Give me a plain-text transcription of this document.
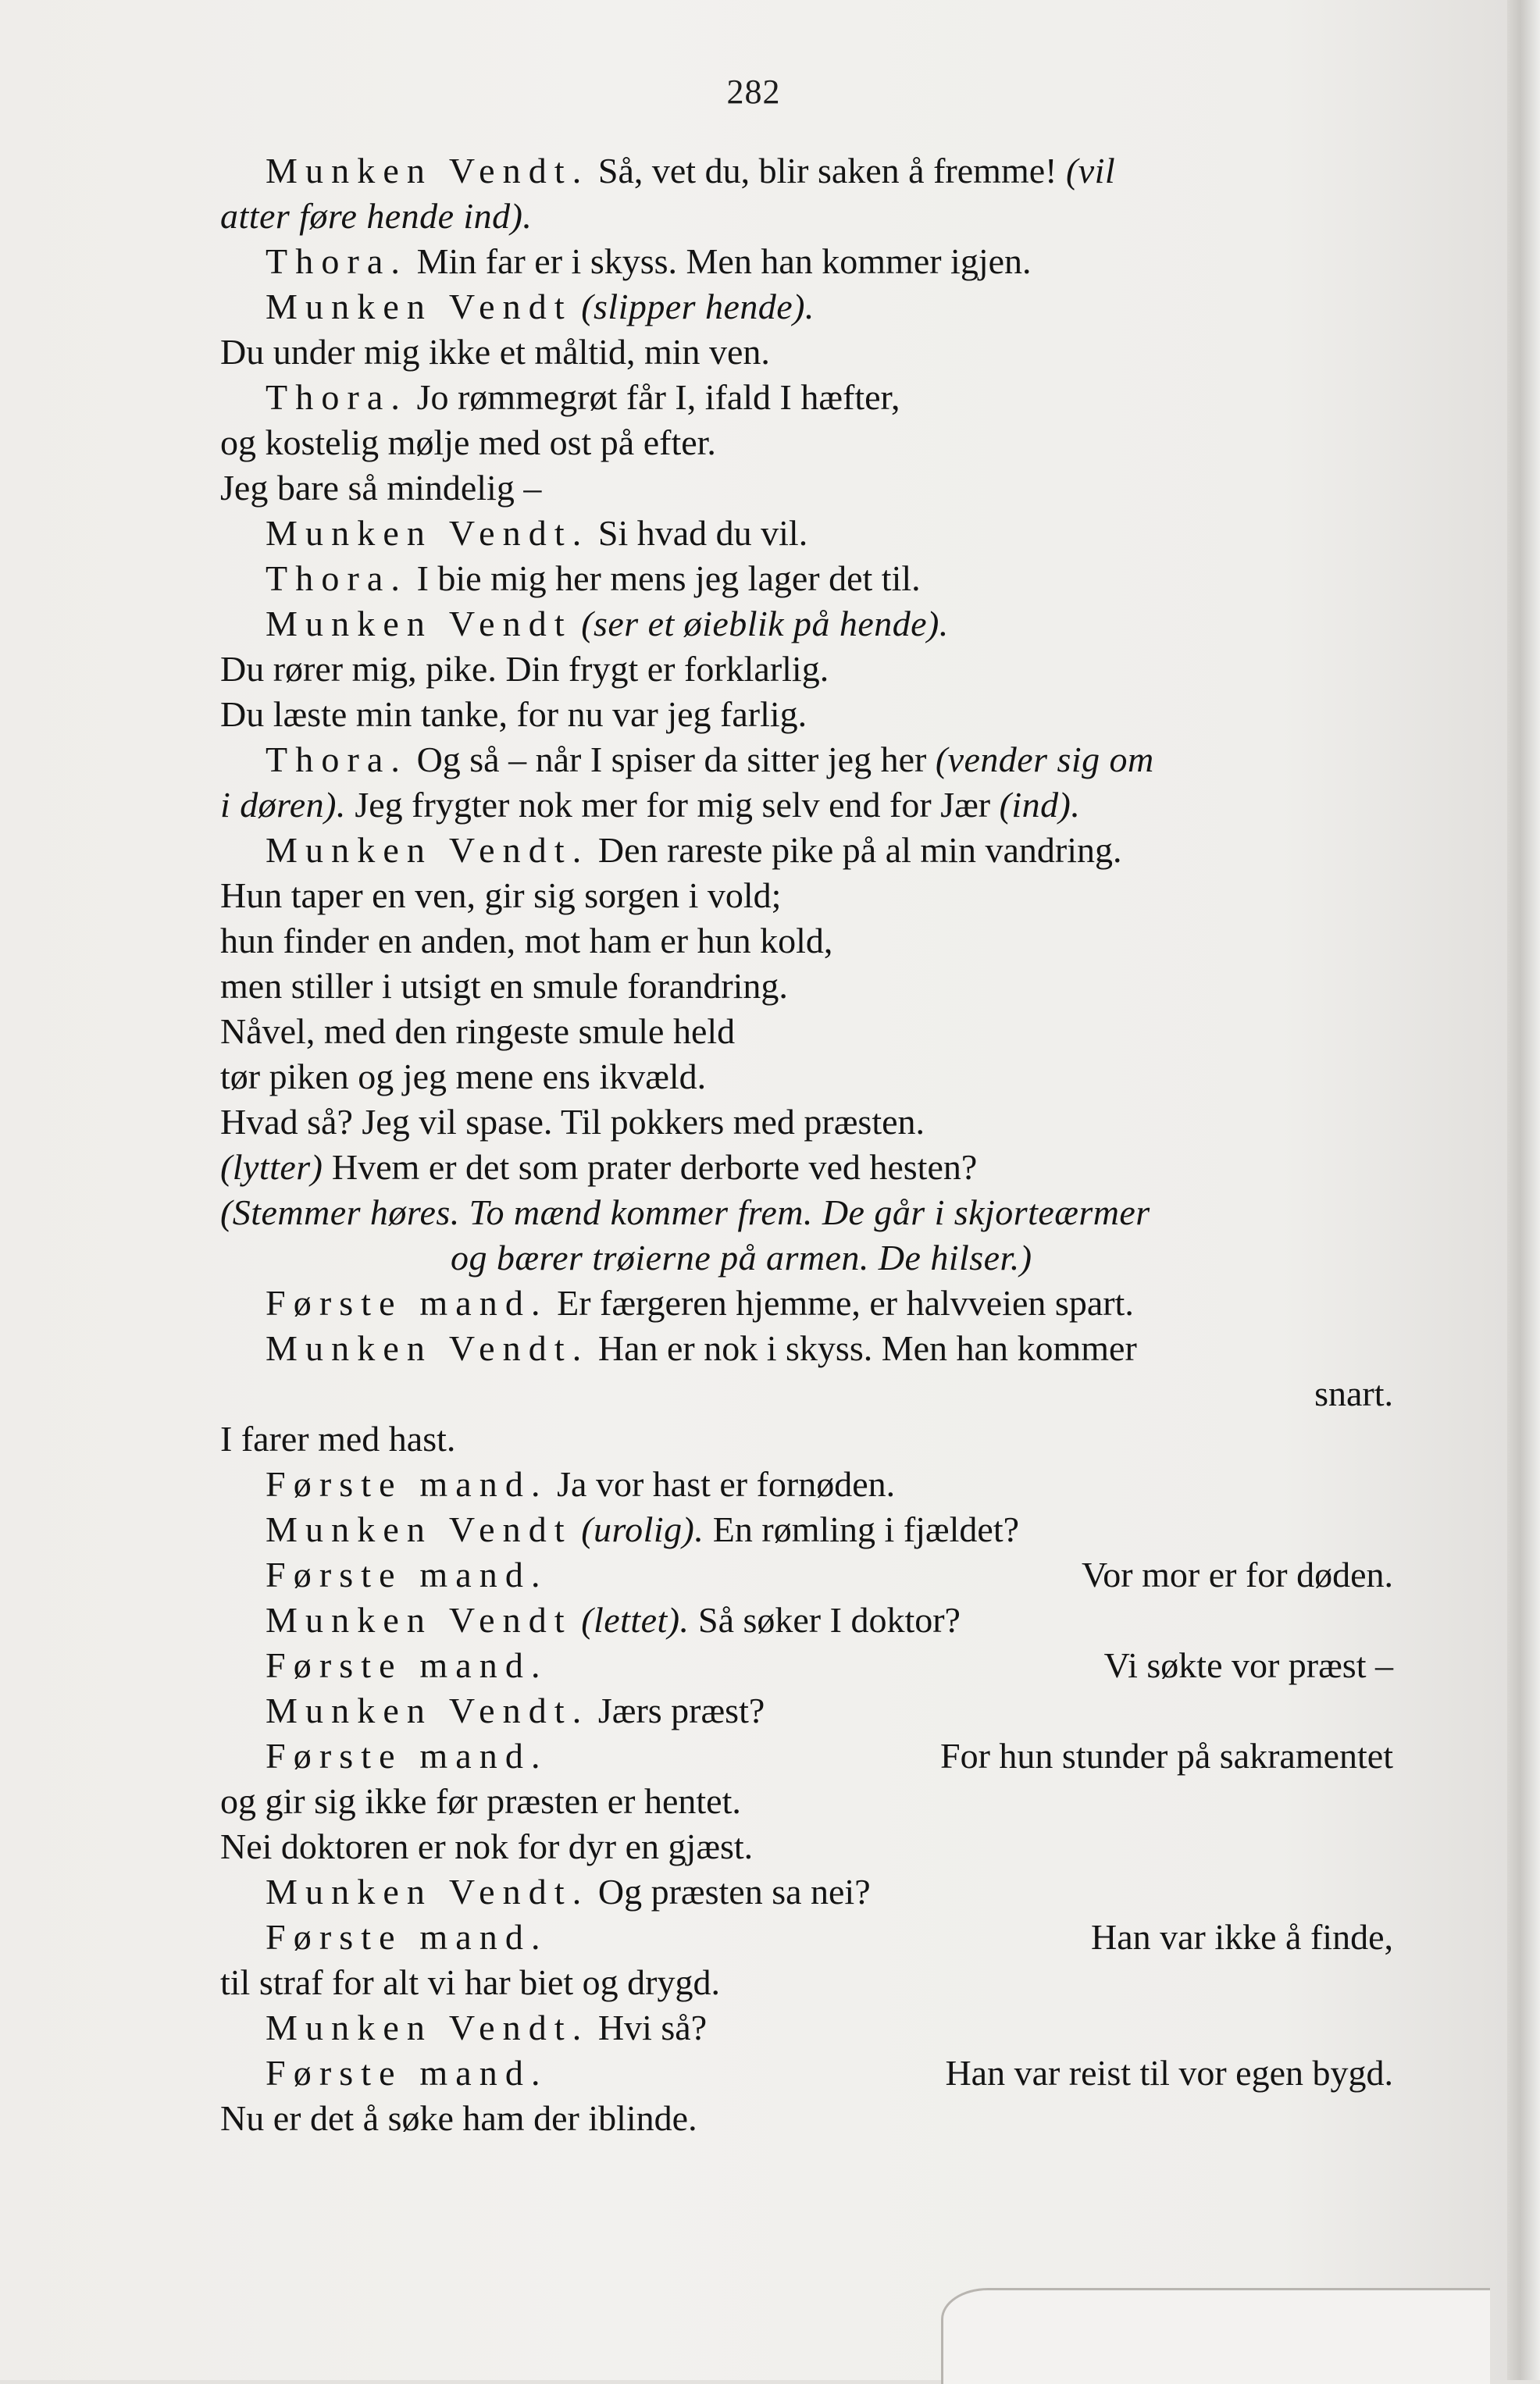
282
Munken Vendt. Så, vet du, blir saken å fremme! (vil
atter føre hende ind).
Thora. Min far er i skyss. Men han kommer igjen.
Munken Vendt (slipper hende).
Du under mig ikke et måltid, min ven.
Thora. Jo rømmegrøt får I, ifald I hæfter,
og kostelig mølje med ost på efter.
Jeg bare så mindelig –
Munken Vendt. Si hvad du vil.
Thora. I bie mig her mens jeg lager det til.
Munken Vendt (ser et øieblik på hende).
Du rører mig, pike. Din frygt er forklarlig.
Du læste min tanke, for nu var jeg farlig.
Thora. Og så – når I spiser da sitter jeg her (vender sig om
i døren). Jeg frygter nok mer for mig selv end for Jær (ind).
Munken Vendt. Den rareste pike på al min vandring.
Hun taper en ven, gir sig sorgen i vold;
hun finder en anden, mot ham er hun kold,
men stiller i utsigt en smule forandring.
Nåvel, med den ringeste smule held
tør piken og jeg mene ens ikvæld.
Hvad så? Jeg vil spase. Til pokkers med præsten.
(lytter) Hvem er det som prater derborte ved hesten?
(Stemmer høres. To mænd kommer frem. De går i skjorteærmer
og bærer trøierne på armen. De hilser.)
Første mand. Er færgeren hjemme, er halvveien spart.
Munken Vendt. Han er nok i skyss. Men han kommer
snart.
I farer med hast.
Første mand. Ja vor hast er fornøden.
Munken Vendt (urolig). En rømling i fjældet?
Første mand.	Vor mor er for døden.
Munken Vendt (lettet). Så søker I doktor?
Første mand.	Vi søkte vor præst –
Munken Vendt. Jærs præst?
Første mand.	For hun stunder på sakramentet
og gir sig ikke før præsten er hentet.
Nei doktoren er nok for dyr en gjæst.
Munken Vendt. Og præsten sa nei?
Første mand.	Han var ikke å finde,
til straf for alt vi har biet og drygd.
Munken Vendt. Hvi så?
Første mand.	Han var reist til vor egen bygd.
Nu er det å søke ham der iblinde.
